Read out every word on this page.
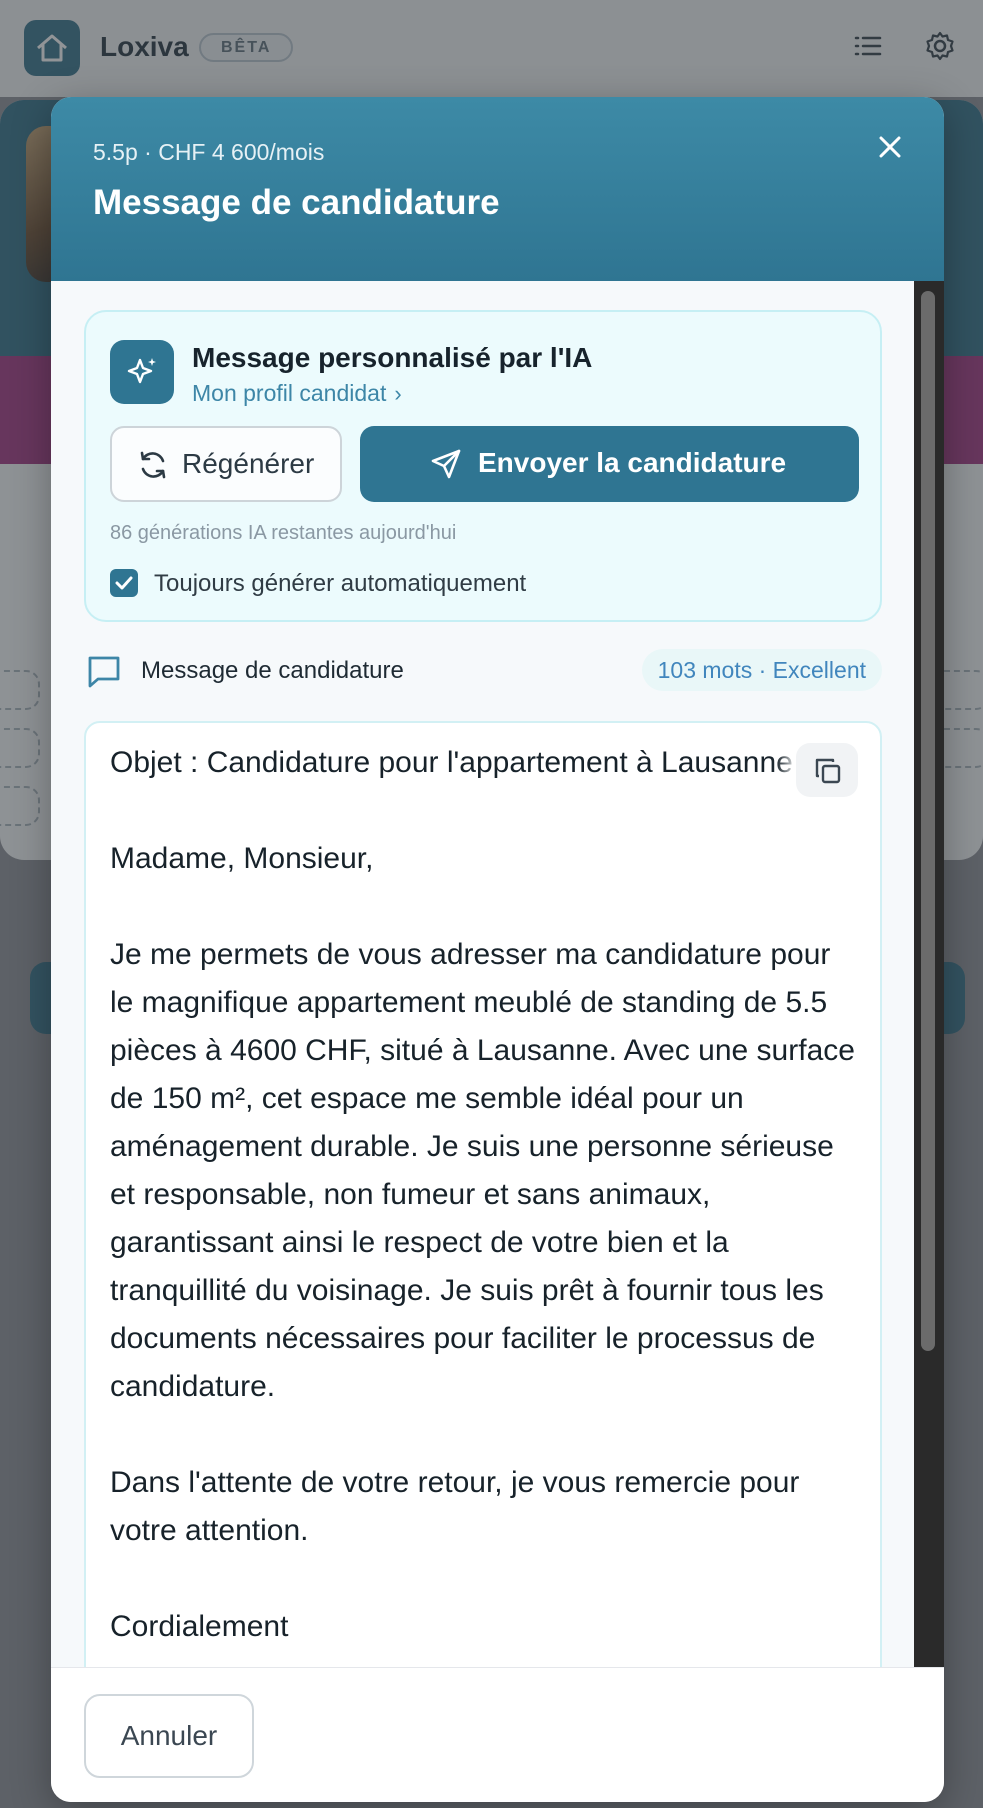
5.5p · CHF 4 600/mois
Message de candidature
Message personnalisé par l'IA
Mon profil candidat ›
Régénérer	Envoyer la candidature
86 générations IA restantes aujourd'hui
Toujours générer automatiquement
Message de candidature	103 mots · Excellent
Objet : Candidature pour l'appartement à Lausanne

Madame, Monsieur,

Je me permets de vous adresser ma candidature pour le magnifique appartement meublé de standing de 5.5 pièces à 4600 CHF, situé à Lausanne. Avec une surface de 150 m², cet espace me semble idéal pour un aménagement durable. Je suis une personne sérieuse et responsable, non fumeur et sans animaux, garantissant ainsi le respect de votre bien et la tranquillité du voisinage. Je suis prêt à fournir tous les documents nécessaires pour faciliter le processus de candidature.

Dans l'attente de votre retour, je vous remercie pour votre attention.

Cordialement
Annuler
